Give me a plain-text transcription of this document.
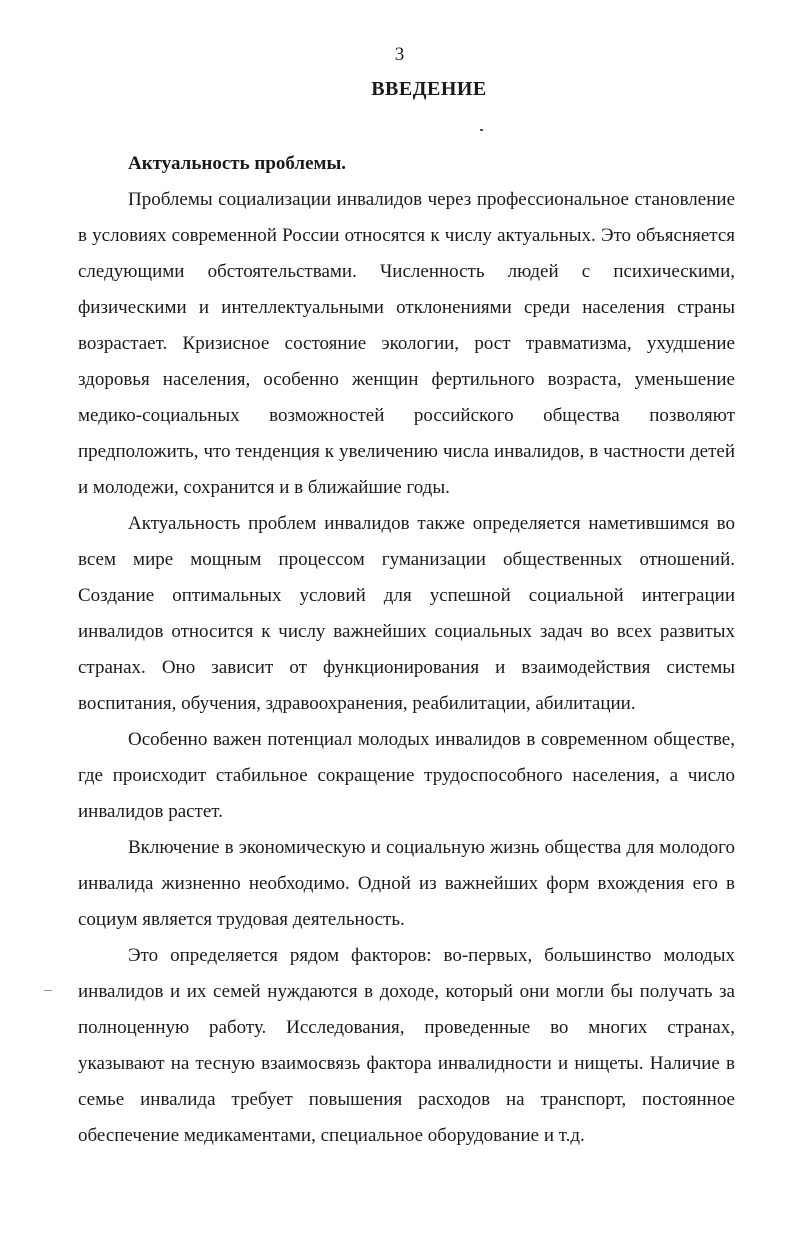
3
ВВЕДЕНИЕ

Актуальность проблемы.

Проблемы социализации инвалидов через профессиональное становление в условиях современной России относятся к числу актуальных. Это объясняется следующими обстоятельствами. Численность людей с психическими, физическими и интеллектуальными отклонениями среди населения страны возрастает. Кризисное состояние экологии, рост травматизма, ухудшение здоровья населения, особенно женщин фертильного возраста, уменьшение медико-социальных возможностей российского общества позволяют предположить, что тенденция к увеличению числа инвалидов, в частности детей и молодежи, сохранится и в ближайшие годы.

Актуальность проблем инвалидов также определяется наметившимся во всем мире мощным процессом гуманизации общественных отношений. Создание оптимальных условий для успешной социальной интеграции инвалидов относится к числу важнейших социальных задач во всех развитых странах. Оно зависит от функционирования и взаимодействия системы воспитания, обучения, здравоохранения, реабилитации, абилитации.

Особенно важен потенциал молодых инвалидов в современном обществе, где происходит стабильное сокращение трудоспособного населения, а число инвалидов растет.

Включение в экономическую и социальную жизнь общества для молодого инвалида жизненно необходимо. Одной из важнейших форм вхождения его в социум является трудовая деятельность.

Это определяется рядом факторов: во-первых, большинство молодых инвалидов и их семей нуждаются в доходе, который они могли бы получать за полноценную работу. Исследования, проведенные во многих странах, указывают на тесную взаимосвязь фактора инвалидности и нищеты. Наличие в семье инвалида требует повышения расходов на транспорт, постоянное обеспечение медикаментами, специальное оборудование и т.д.
